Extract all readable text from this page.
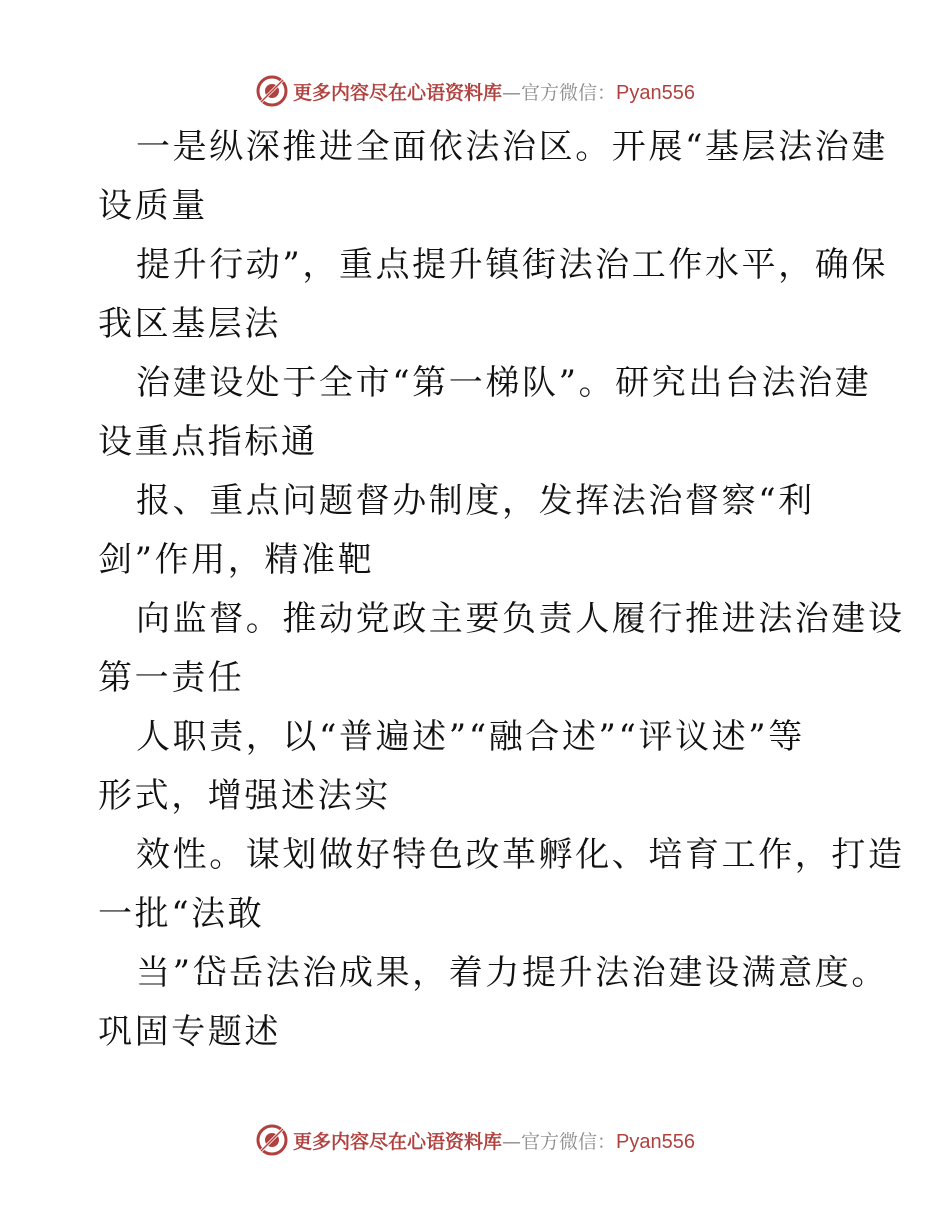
更多内容尽在心语资料库—官方微信：Pyan556
一是纵深推进全面依法治区。开展“基层法治建
设质量
提升行动”，重点提升镇街法治工作水平，确保
我区基层法
治建设处于全市“第一梯队”。研究出台法治建
设重点指标通
报、重点问题督办制度，发挥法治督察“利
剑”作用，精准靶
向监督。推动党政主要负责人履行推进法治建设
第一责任
人职责，以“普遍述”“融合述”“评议述”等
形式，增强述法实
效性。谋划做好特色改革孵化、培育工作，打造
一批“法敢
当”岱岳法治成果，着力提升法治建设满意度。
巩固专题述
更多内容尽在心语资料库—官方微信：Pyan556
